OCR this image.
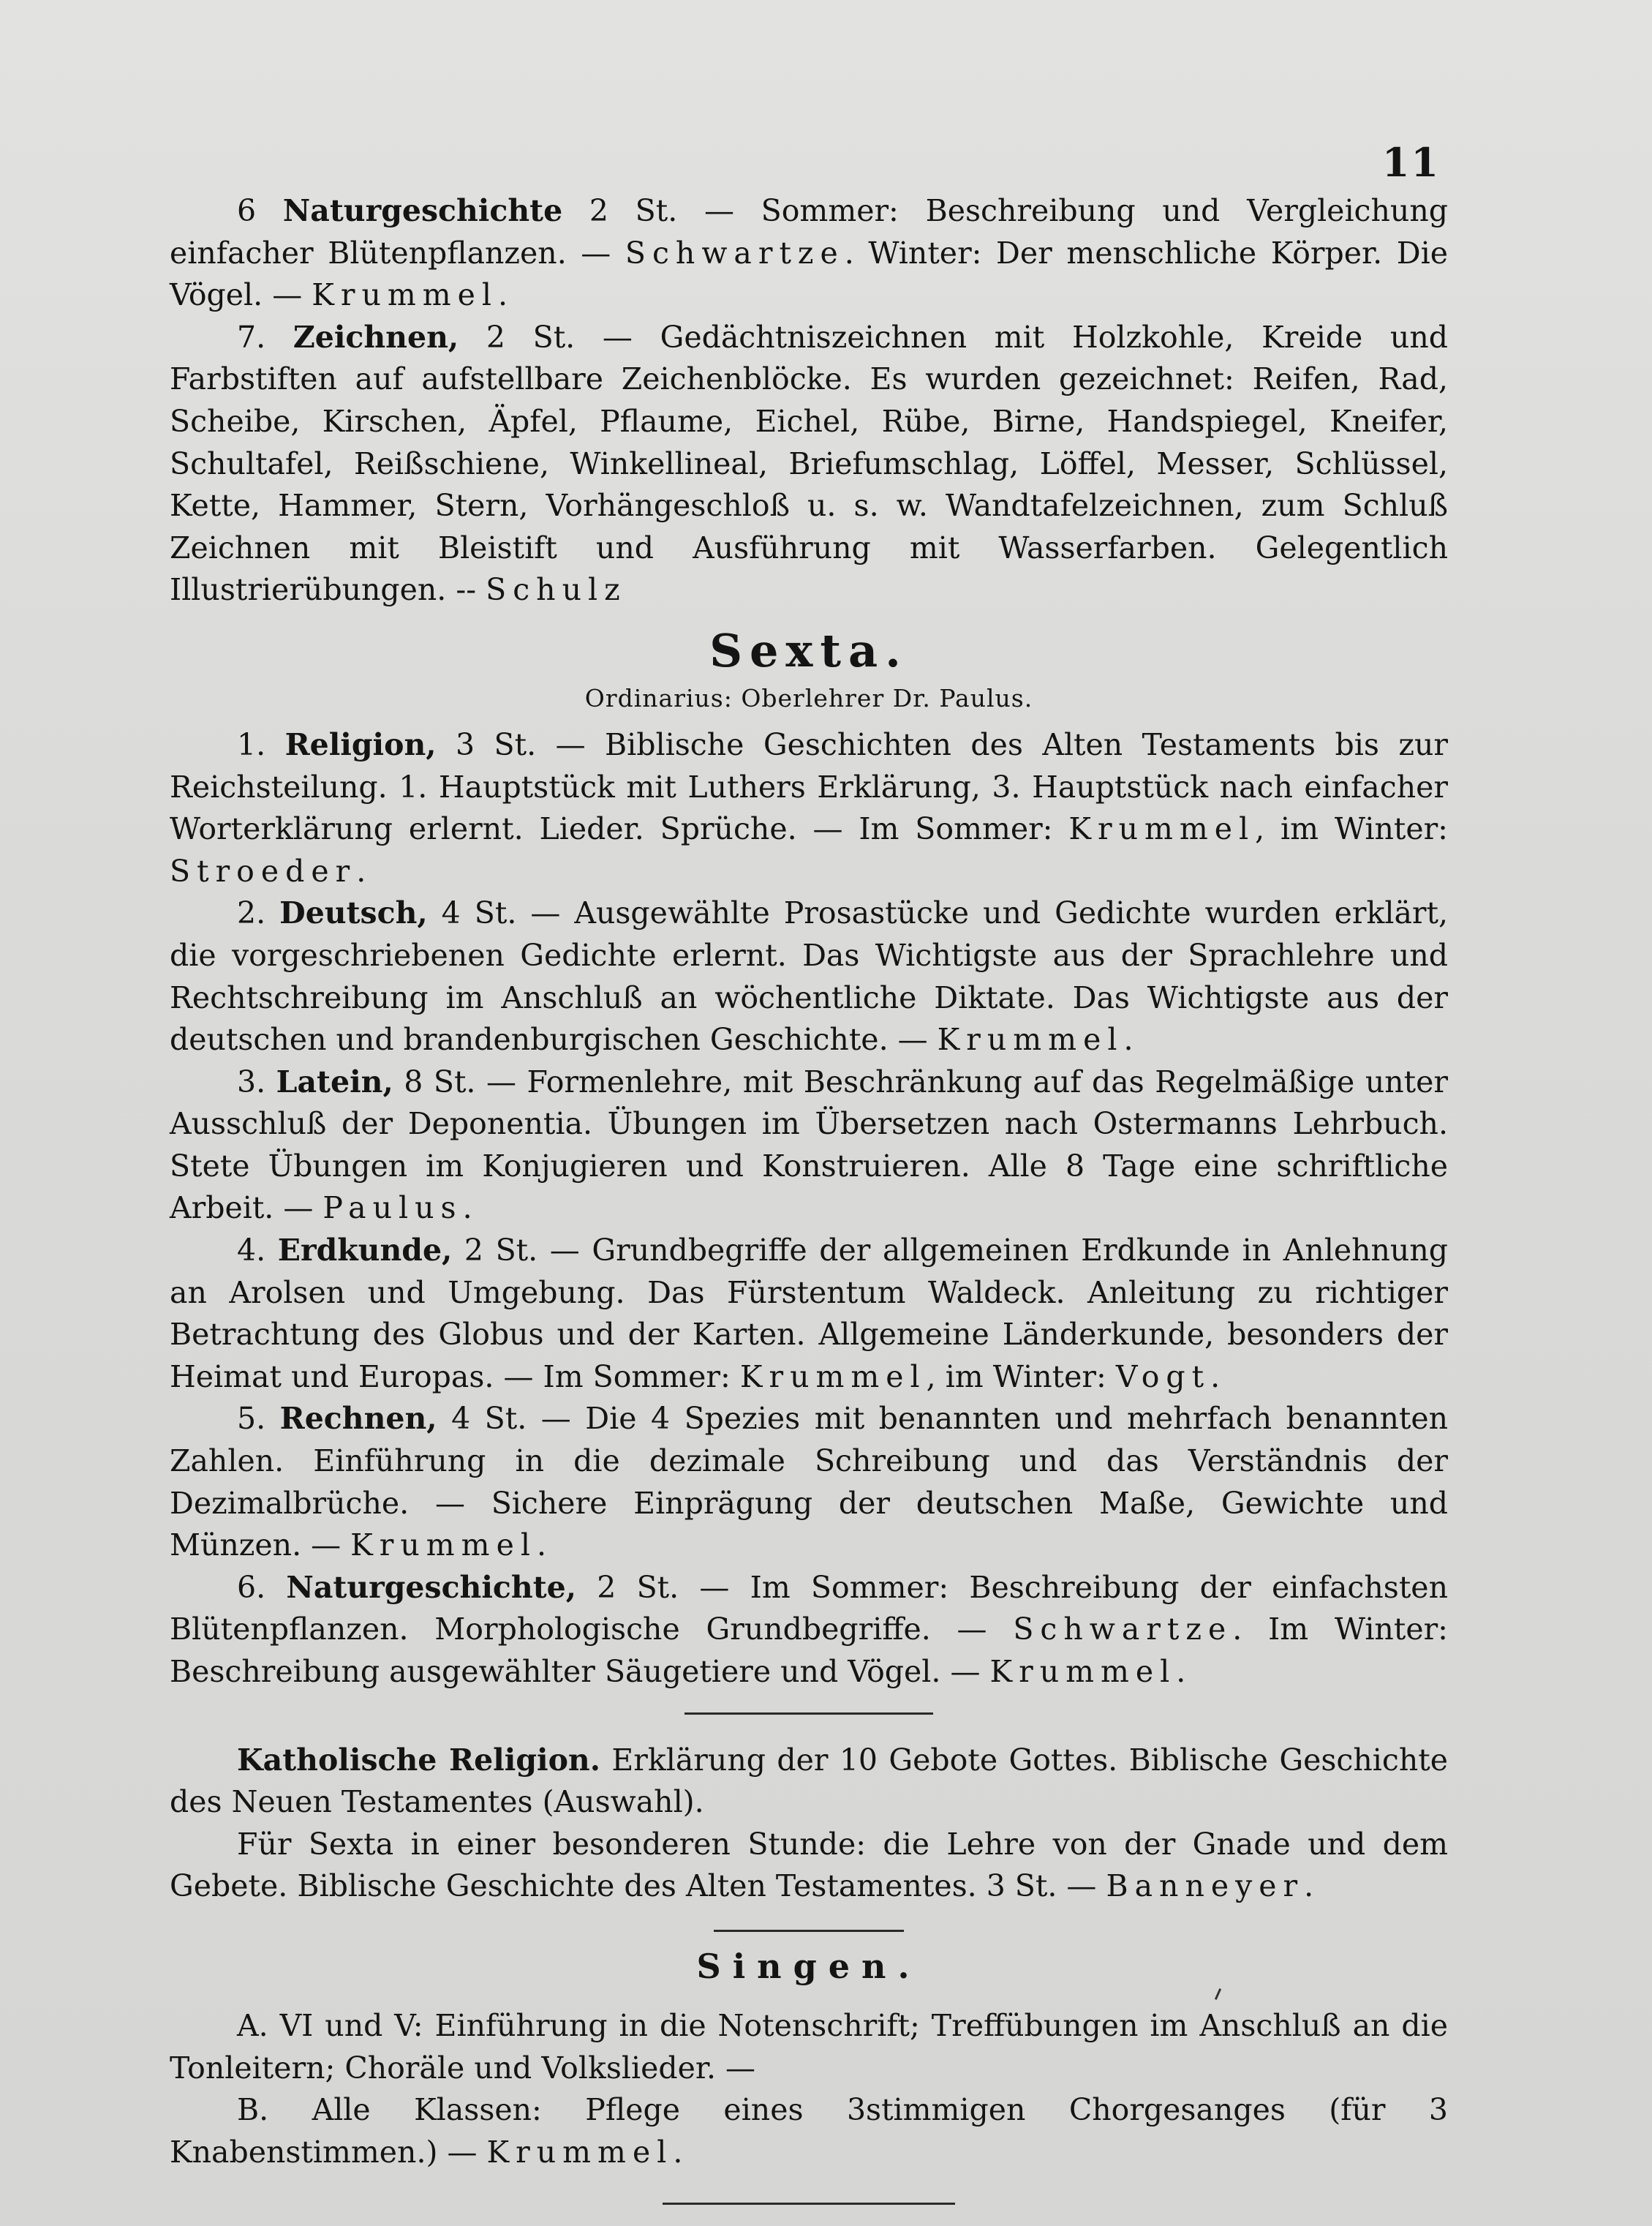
11

6 Naturgeschichte 2 St. — Sommer: Beschreibung und Vergleichung einfacher Blütenpflanzen. — Schwartze. Winter: Der menschliche Körper. Die Vögel. — Krummel.

7. Zeichnen, 2 St. — Gedächtniszeichnen mit Holzkohle, Kreide und Farbstiften auf aufstellbare Zeichenblöcke. Es wurden gezeichnet: Reifen, Rad, Scheibe, Kirschen, Äpfel, Pflaume, Eichel, Rübe, Birne, Handspiegel, Kneifer, Schultafel, Reißschiene, Winkellineal, Briefumschlag, Löffel, Messer, Schlüssel, Kette, Hammer, Stern, Vorhängeschloß u. s. w. Wandtafelzeichnen, zum Schluß Zeichnen mit Bleistift und Ausführung mit Wasserfarben. Gelegentlich Illustrierübungen. -- Schulz

Sexta.
Ordinarius: Oberlehrer Dr. Paulus.

1. Religion, 3 St. — Biblische Geschichten des Alten Testaments bis zur Reichsteilung. 1. Hauptstück mit Luthers Erklärung, 3. Hauptstück nach einfacher Worterklärung erlernt. Lieder. Sprüche. — Im Sommer: Krummel, im Winter: Stroeder.

2. Deutsch, 4 St. — Ausgewählte Prosastücke und Gedichte wurden erklärt, die vorgeschriebenen Gedichte erlernt. Das Wichtigste aus der Sprachlehre und Rechtschreibung im Anschluß an wöchentliche Diktate. Das Wichtigste aus der deutschen und brandenburgischen Geschichte. — Krummel.

3. Latein, 8 St. — Formenlehre, mit Beschränkung auf das Regelmäßige unter Ausschluß der Deponentia. Übungen im Übersetzen nach Ostermanns Lehrbuch. Stete Übungen im Konjugieren und Konstruieren. Alle 8 Tage eine schriftliche Arbeit. — Paulus.

4. Erdkunde, 2 St. — Grundbegriffe der allgemeinen Erdkunde in Anlehnung an Arolsen und Umgebung. Das Fürstentum Waldeck. Anleitung zu richtiger Betrachtung des Globus und der Karten. Allgemeine Länderkunde, besonders der Heimat und Europas. — Im Sommer: Krummel, im Winter: Vogt.

5. Rechnen, 4 St. — Die 4 Spezies mit benannten und mehrfach benannten Zahlen. Einführung in die dezimale Schreibung und das Verständnis der Dezimalbrüche. — Sichere Einprägung der deutschen Maße, Gewichte und Münzen. — Krummel.

6. Naturgeschichte, 2 St. — Im Sommer: Beschreibung der einfachsten Blütenpflanzen. Morphologische Grundbegriffe. — Schwartze. Im Winter: Beschreibung ausgewählter Säugetiere und Vögel. — Krummel.

Katholische Religion. Erklärung der 10 Gebote Gottes. Biblische Geschichte des Neuen Testamentes (Auswahl).

Für Sexta in einer besonderen Stunde: die Lehre von der Gnade und dem Gebete. Biblische Geschichte des Alten Testamentes. 3 St. — Banneyer.

Singen.

A. VI und V: Einführung in die Notenschrift; Treffübungen im Anschluß an die Tonleitern; Choräle und Volkslieder. —

B. Alle Klassen: Pflege eines 3stimmigen Chorgesanges (für 3 Knabenstimmen.) — Krummel.
